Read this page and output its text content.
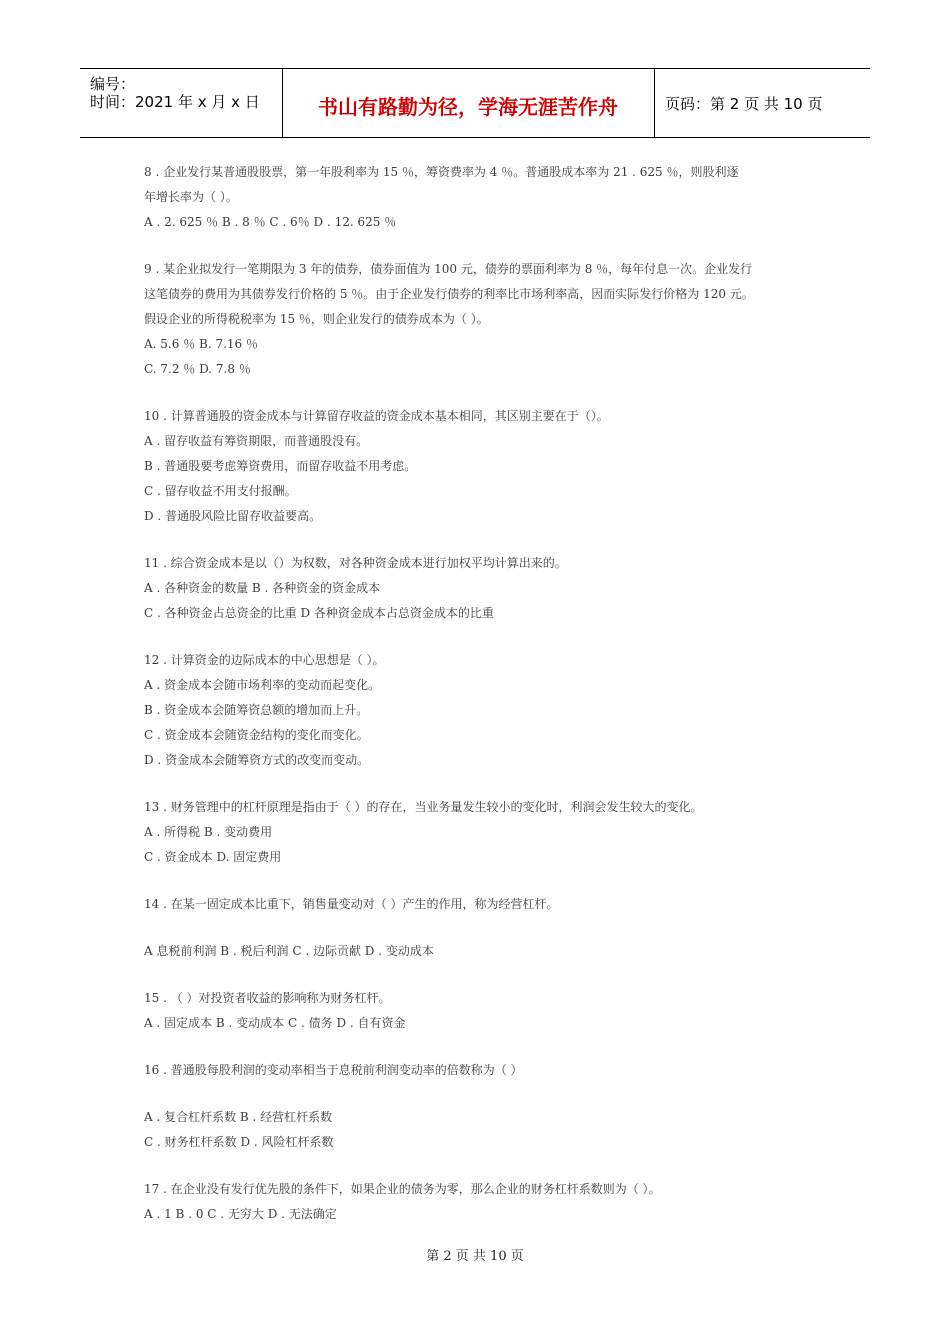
编号：
时间：2021 年 x 月 x 日	书山有路勤为径，学海无涯苦作舟	页码：第 2 页 共 10 页
8 . 企业发行某普通股股票，第一年股利率为 15 ％，筹资费率为 4 ％。普通股成本率为 21 . 625 ％，则股利逐
年增长率为（ ）。
A . 2. 625 ％ B . 8 ％ C . 6％ D . 12. 625 ％
9 . 某企业拟发行一笔期限为 3 年的债券，债券面值为 100 元，债券的票面利率为 8 ％，每年付息一次。企业发行
这笔债券的费用为其债券发行价格的 5 ％。由于企业发行债券的利率比市场利率高，因而实际发行价格为 120 元。
假设企业的所得税税率为 15 ％，则企业发行的债券成本为（ ）。
A. 5.6 ％ B. 7.16 ％
C. 7.2 ％ D. 7.8 ％
10 . 计算普通股的资金成本与计算留存收益的资金成本基本相同，其区别主要在于（）。
A . 留存收益有筹资期限，而普通股没有。
B . 普通股要考虑筹资费用，而留存收益不用考虑。
C . 留存收益不用支付报酬。
D . 普通股风险比留存收益要高。
11 . 综合资金成本是以（）为权数，对各种资金成本进行加权平均计算出来的。
A . 各种资金的数量 B . 各种资金的资金成本
C . 各种资金占总资金的比重 D 各种资金成本占总资金成本的比重
12 . 计算资金的边际成本的中心思想是（ ）。
A . 资金成本会随市场利率的变动而起变化。
B . 资金成本会随筹资总额的增加而上升。
C . 资金成本会随资金结构的变化而变化。
D . 资金成本会随筹资方式的改变而变动。
13 . 财务管理中的杠杆原理是指由于（ ）的存在，当业务量发生较小的变化时，利润会发生较大的变化。
A . 所得税 B . 变动费用
C . 资金成本 D. 固定费用
14 . 在某一固定成本比重下，销售量变动对（ ）产生的作用，称为经营杠杆。
A 息税前利润 B . 税后利润 C . 边际贡献 D . 变动成本
15 . （ ）对投资者收益的影响称为财务杠杆。
A . 固定成本 B . 变动成本 C . 债务 D . 自有资金
16 . 普通股每股利润的变动率相当于息税前利润变动率的倍数称为（ ）
A . 复合杠杆系数 B . 经营杠杆系数
C . 财务杠杆系数 D . 风险杠杆系数
17 . 在企业没有发行优先股的条件下，如果企业的债务为零，那么企业的财务杠杆系数则为（ ）。
A . 1 B . 0 C . 无穷大 D . 无法确定
第 2 页 共 10 页
